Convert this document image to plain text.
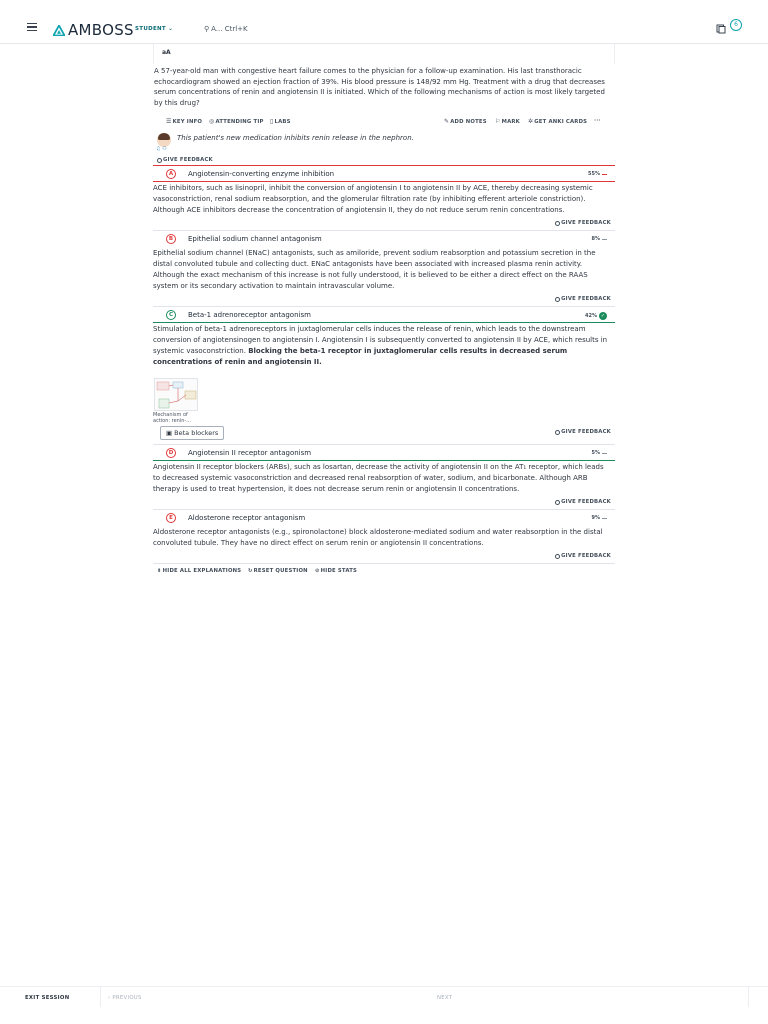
AMBOSS STUDENT ⌄	⚲ A... Ctrl+K
6
aA

A 57-year-old man with congestive heart failure comes to the physician for a follow-up examination. His last transthoracic echocardiogram showed an ejection fraction of 39%. His blood pressure is 148/92 mm Hg. Treatment with a drug that decreases serum concentrations of renin and angiotensin II is initiated. Which of the following mechanisms of action is most likely targeted by this drug?

☰ KEY INFO ◎ ATTENDING TIP ▯ LABS	✎ ADD NOTES ⚐ MARK ✲ GET ANKI CARDS ···
This patient's new medication inhibits renin release in the nephron.
♫ ⚇
GIVE FEEDBACK
A	Angiotensin-converting enzyme inhibition	55%

ACE inhibitors, such as lisinopril, inhibit the conversion of angiotensin I to angiotensin II by ACE, thereby decreasing systemic vasoconstriction, renal sodium reabsorption, and the glomerular filtration rate (by inhibiting efferent arteriole constriction). Although ACE inhibitors decrease the concentration of angiotensin II, they do not reduce serum renin concentrations.

GIVE FEEDBACK
B	Epithelial sodium channel antagonism	8%

Epithelial sodium channel (ENaC) antagonists, such as amiloride, prevent sodium reabsorption and potassium secretion in the distal convoluted tubule and collecting duct. ENaC antagonists have been associated with increased plasma renin activity. Although the exact mechanism of this increase is not fully understood, it is believed to be either a direct effect on the RAAS system or its secondary activation to maintain intravascular volume.

GIVE FEEDBACK
C	Beta-1 adrenoreceptor antagonism	42% ✓

Stimulation of beta-1 adrenoreceptors in juxtaglomerular cells induces the release of renin, which leads to the downstream conversion of angiotensinogen to angiotensin I. Angiotensin I is subsequently converted to angiotensin II by ACE, which results in systemic vasoconstriction. Blocking the beta-1 receptor in juxtaglomerular cells results in decreased serum concentrations of renin and angiotensin II.

Mechanism of action: renin-...
▣ Beta blockers	GIVE FEEDBACK
D	Angiotensin II receptor antagonism	5%

Angiotensin II receptor blockers (ARBs), such as losartan, decrease the activity of angiotensin II on the AT₁ receptor, which leads to decreased systemic vasoconstriction and decreased renal reabsorption of water, sodium, and bicarbonate. Although ARB therapy is used to treat hypertension, it does not decrease serum renin or angiotensin II concentrations.

GIVE FEEDBACK
E	Aldosterone receptor antagonism	9%

Aldosterone receptor antagonists (e.g., spironolactone) block aldosterone-mediated sodium and water reabsorption in the distal convoluted tubule. They have no direct effect on serum renin or angiotensin II concentrations.

GIVE FEEDBACK
⇟ HIDE ALL EXPLANATIONS ↻ RESET QUESTION ⊘ HIDE STATS
EXIT SESSION	‹ PREVIOUS	NEXT
